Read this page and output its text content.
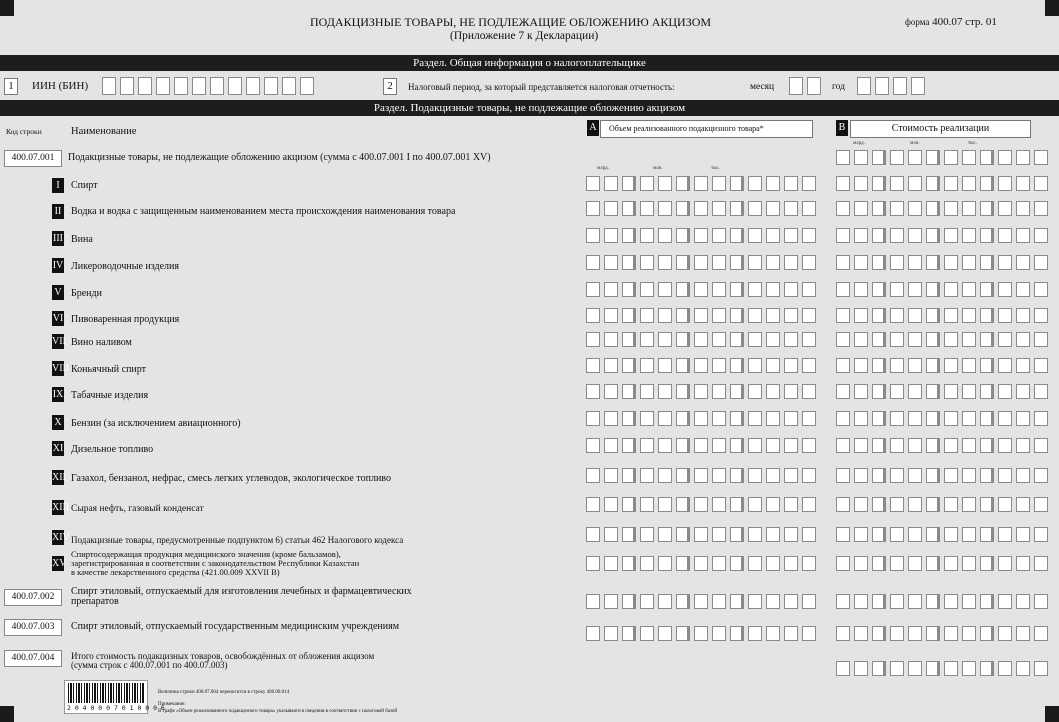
ПОДАКЦИЗНЫЕ ТОВАРЫ, НЕ ПОДЛЕЖАЩИЕ ОБЛОЖЕНИЮ АКЦИЗОМ
(Приложение 7 к Декларации)
форма 400.07 стр. 01
Раздел. Общая информация о налогоплательщике
1	ИИН (БИН)	2	Налоговый период, за который представляется налоговая отчетность:	месяц	год
Раздел. Подакцизные товары, не подлежащие обложению акцизом
Код строки	Наименование	A	Объем реализованного подакцизного товара*	B	Стоимость реализации
млрд.	млн.	тыс.
млрд.	млн.	тыс.
400.07.001	Подакцизные товары, не подлежащие обложению акцизом (сумма с 400.07.001 I по 400.07.001 XV)
I	Спирт
II Водка и водка с защищенным наименованием места происхождения наименования товара
III Вина
IV Ликероводочные изделия
V Бренди
VI Пивоваренная продукция
VII Вино наливом
VIII Коньячный спирт
IX Табачные изделия
X Бензин (за исключением авиационного)
XI Дизельное топливо
XII Газахол, бензанол, нефрас, смесь легких углеводов, экологическое топливо
XIII Сырая нефть, газовый конденсат
XIV Подакцизные товары, предусмотренные подпунктом 6) статьи 462 Налогового кодекса
XV
Спиртосодержащая продукция медицинского значения (кроме бальзамов),
зарегистрированная в соответствии с законодательством Республики Казахстан
в качестве лекарственного средства (421.00.009 XXVII B)
400.07.002	Спирт этиловый, отпускаемый для изготовления лечебных и фармацевтических
препаратов
400.07.003	Спирт этиловый, отпускаемый государственным медицинским учреждениям
400.07.004	Итого стоимость подакцизных товаров, освобождённых от обложения акцизом
(сумма строк с 400.07.001 по 400.07.003)
2 0 4 0 0 0 7 0 1 0 0 0 6
Величина строки 400.07.004 переносится в строку 400.00.014
Примечание:
В графе «Объем реализованного подакцизного товара» указываются сведения в соответствии с налоговой базой
